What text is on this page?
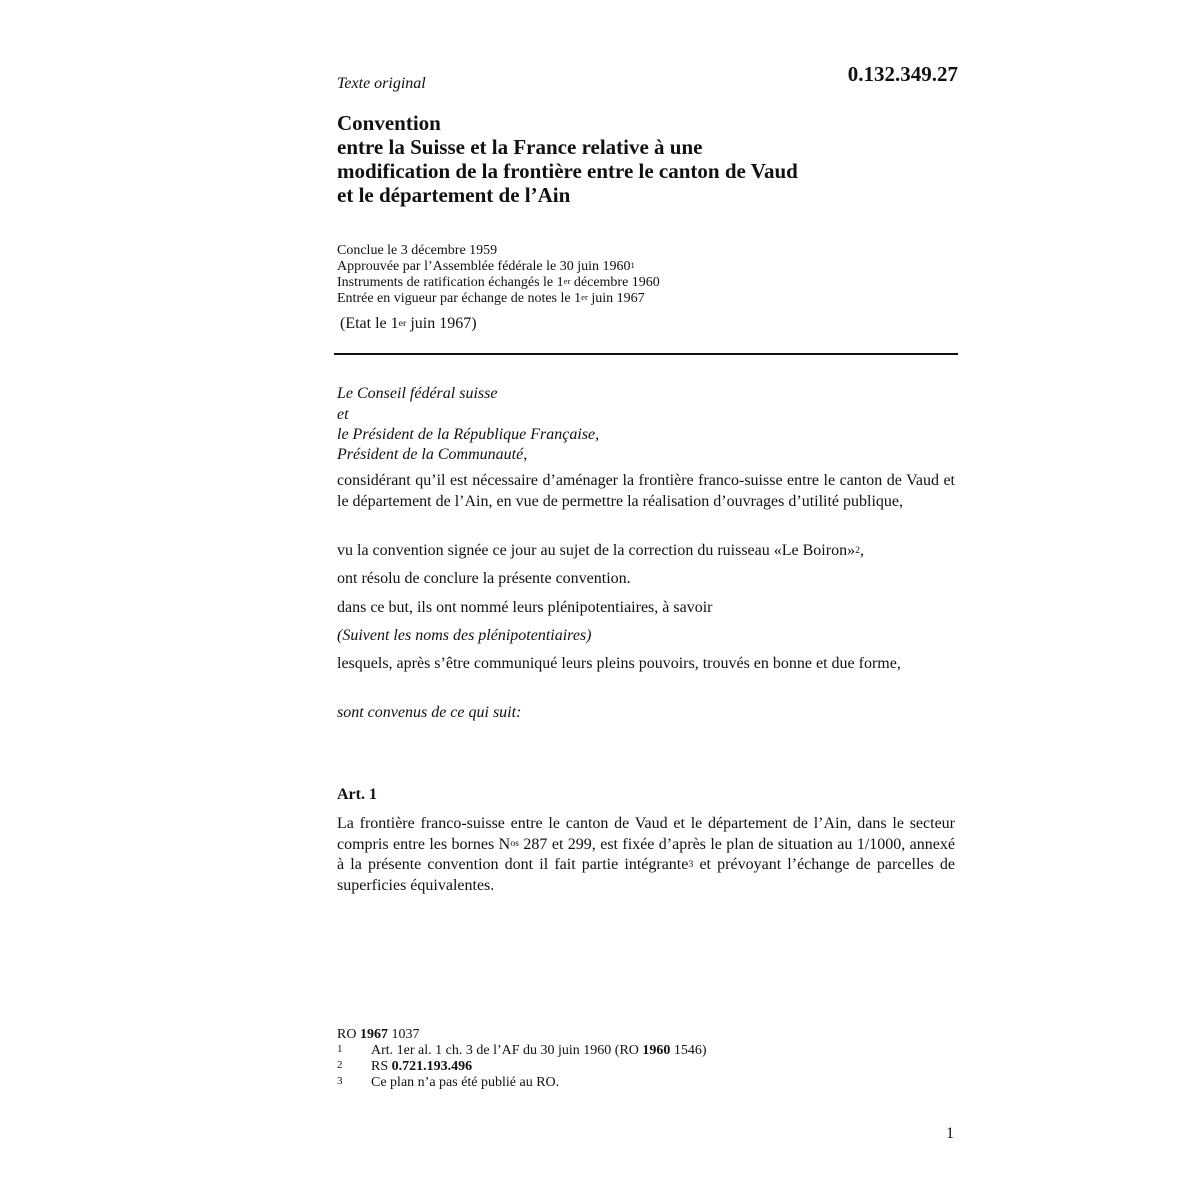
0.132.349.27
Texte original
Convention
entre la Suisse et la France relative à une
modification de la frontière entre le canton de Vaud
et le département de l’Ain
Conclue le 3 décembre 1959
Approuvée par l’Assemblée fédérale le 30 juin 1960$^1$
Instruments de ratification échangés le 1er décembre 1960
Entrée en vigueur par échange de notes le 1er juin 1967
(Etat le 1er juin 1967)
Le Conseil fédéral suisse
et
le Président de la République Française,
Président de la Communauté,
considérant qu’il est nécessaire d’aménager la frontière franco-suisse entre le canton de Vaud et le département de l’Ain, en vue de permettre la réalisation d’ouvrages d’utilité publique,
vu la convention signée ce jour au sujet de la correction du ruisseau «Le Boiron»$^2$,
ont résolu de conclure la présente convention.
dans ce but, ils ont nommé leurs plénipotentiaires, à savoir
(Suivent les noms des plénipotentiaires)
lesquels, après s’être communiqué leurs pleins pouvoirs, trouvés en bonne et due forme,
sont convenus de ce qui suit:
Art. 1
La frontière franco-suisse entre le canton de Vaud et le département de l’Ain, dans le secteur compris entre les bornes $N^{os}$ 287 et 299, est fixée d’après le plan de situation au 1/1000, annexé à la présente convention dont il fait partie intégrante$^3$ et prévoyant l’échange de parcelles de superficies équivalentes.
RO 1967 1037
1	Art. 1er al. 1 ch. 3 de l’AF du 30 juin 1960 (RO 1960 1546)
2	RS 0.721.193.496
3	Ce plan n’a pas été publié au RO.
1
